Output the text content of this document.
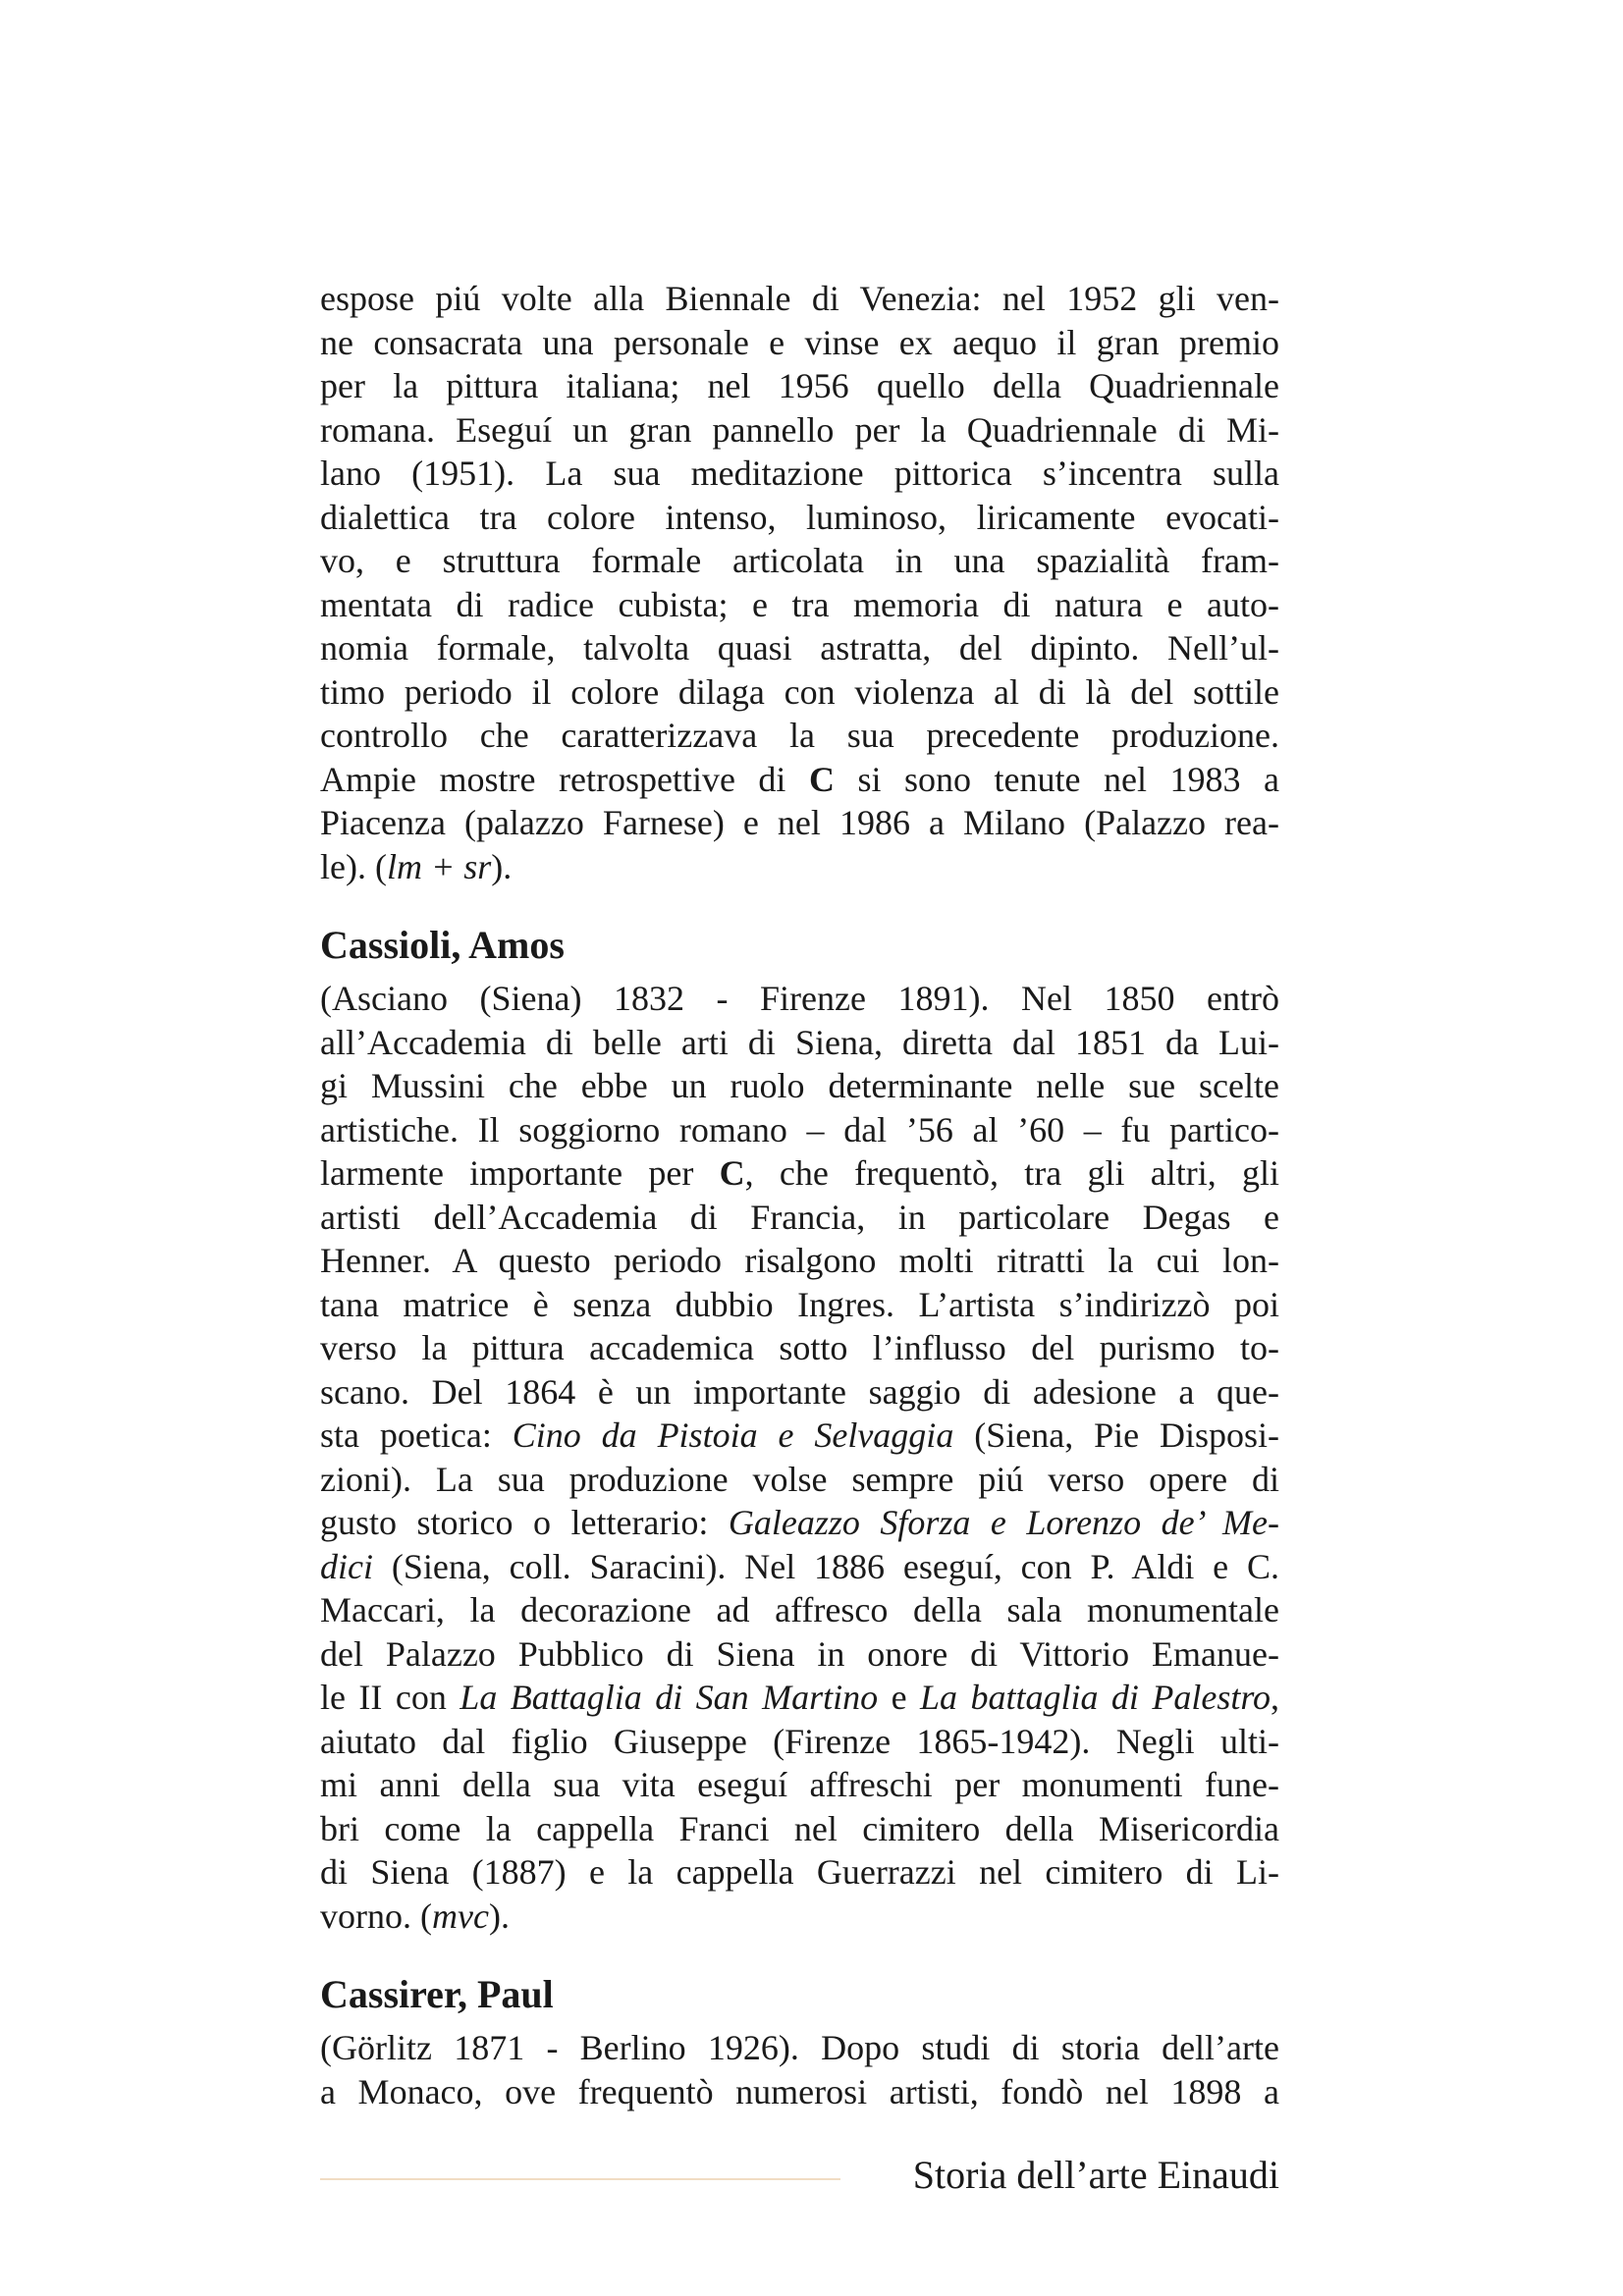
espose piú volte alla Biennale di Venezia: nel 1952 gli ven-
ne consacrata una personale e vinse ex aequo il gran premio
per la pittura italiana; nel 1956 quello della Quadriennale
romana. Eseguí un gran pannello per la Quadriennale di Mi-
lano (1951). La sua meditazione pittorica s’incentra sulla
dialettica tra colore intenso, luminoso, liricamente evocati-
vo, e struttura formale articolata in una spazialità fram-
mentata di radice cubista; e tra memoria di natura e auto-
nomia formale, talvolta quasi astratta, del dipinto. Nell’ul-
timo periodo il colore dilaga con violenza al di là del sottile
controllo che caratterizzava la sua precedente produzione.
Ampie mostre retrospettive di C si sono tenute nel 1983 a
Piacenza (palazzo Farnese) e nel 1986 a Milano (Palazzo rea-
le). (lm + sr).

Cassioli, Amos

(Asciano (Siena) 1832 - Firenze 1891). Nel 1850 entrò
all’Accademia di belle arti di Siena, diretta dal 1851 da Lui-
gi Mussini che ebbe un ruolo determinante nelle sue scelte
artistiche. Il soggiorno romano – dal ’56 al ’60 – fu partico-
larmente importante per C, che frequentò, tra gli altri, gli
artisti dell’Accademia di Francia, in particolare Degas e
Henner. A questo periodo risalgono molti ritratti la cui lon-
tana matrice è senza dubbio Ingres. L’artista s’indirizzò poi
verso la pittura accademica sotto l’influsso del purismo to-
scano. Del 1864 è un importante saggio di adesione a que-
sta poetica: Cino da Pistoia e Selvaggia (Siena, Pie Disposi-
zioni). La sua produzione volse sempre piú verso opere di
gusto storico o letterario: Galeazzo Sforza e Lorenzo de’ Me-
dici (Siena, coll. Saracini). Nel 1886 eseguí, con P. Aldi e C.
Maccari, la decorazione ad affresco della sala monumentale
del Palazzo Pubblico di Siena in onore di Vittorio Emanue-
le II con La Battaglia di San Martino e La battaglia di Palestro,
aiutato dal figlio Giuseppe (Firenze 1865-1942). Negli ulti-
mi anni della sua vita eseguí affreschi per monumenti fune-
bri come la cappella Franci nel cimitero della Misericordia
di Siena (1887) e la cappella Guerrazzi nel cimitero di Li-
vorno. (mvc).

Cassirer, Paul

(Görlitz 1871 - Berlino 1926). Dopo studi di storia dell’arte
a Monaco, ove frequentò numerosi artisti, fondò nel 1898 a

Storia dell’arte Einaudi
